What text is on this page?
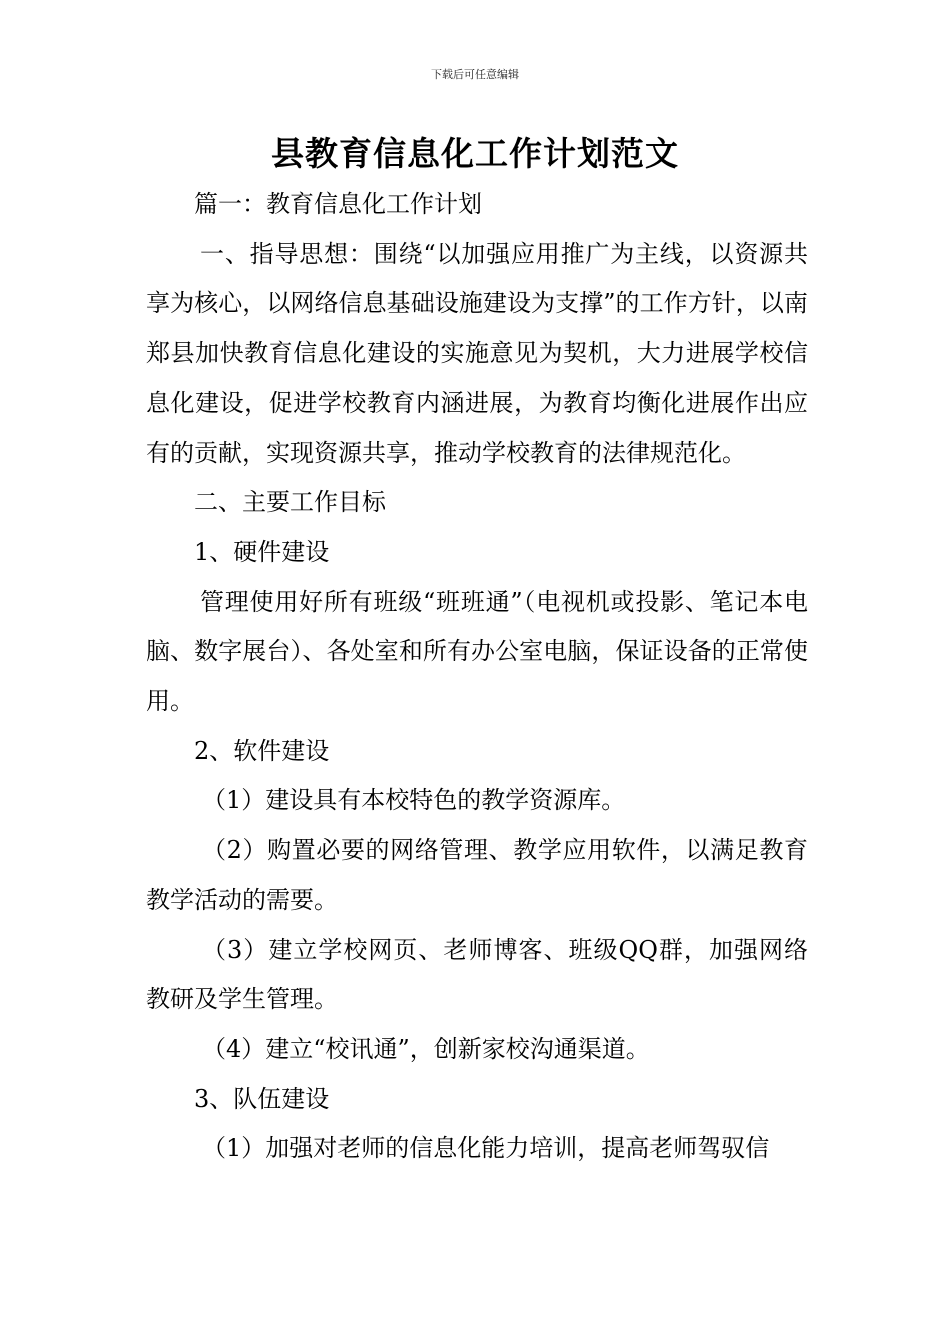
下载后可任意编辑
县教育信息化工作计划范文

篇一：教育信息化工作计划

一、指导思想：围绕“以加强应用推广为主线，以资源共享为核心，以网络信息基础设施建设为支撑”的工作方针，以南郑县加快教育信息化建设的实施意见为契机，大力进展学校信息化建设，促进学校教育内涵进展，为教育均衡化进展作出应有的贡献，实现资源共享，推动学校教育的法律规范化。

二、主要工作目标

1、硬件建设

管理使用好所有班级“班班通”（电视机或投影、笔记本电脑、数字展台）、各处室和所有办公室电脑，保证设备的正常使用。

2、软件建设

（1）建设具有本校特色的教学资源库。

（2）购置必要的网络管理、教学应用软件，以满足教育教学活动的需要。

（3）建立学校网页、老师博客、班级QQ群，加强网络教研及学生管理。

（4）建立“校讯通”，创新家校沟通渠道。

3、队伍建设

（1）加强对老师的信息化能力培训，提高老师驾驭信
